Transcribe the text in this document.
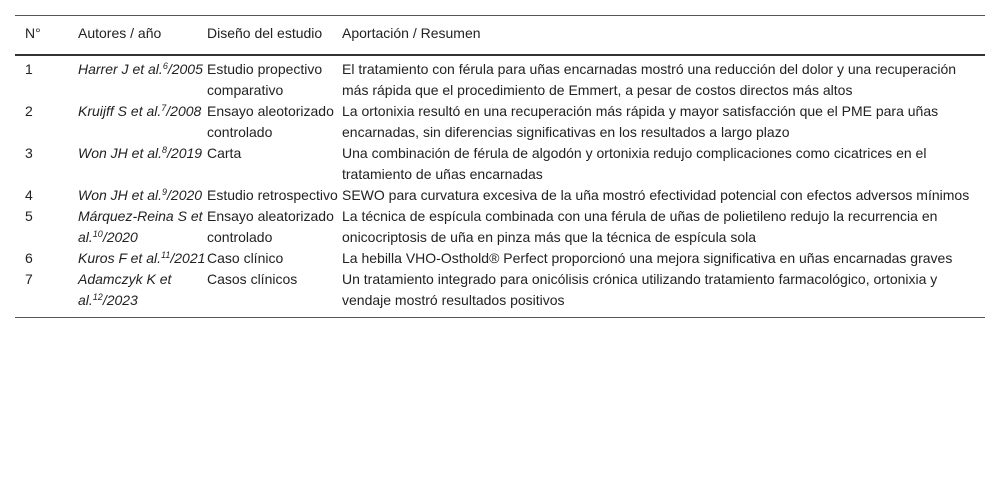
N°	Autores / año	Diseño del estudio	Aportación / Resumen
1	Harrer J et al.$^6$/2005	Estudio propectivo comparativo	El tratamiento con férula para uñas encarnadas mostró una reducción del dolor y una recuperación más rápida que el procedimiento de Emmert, a pesar de costos directos más altos
2	Kruijff S et al.$^7$/2008	Ensayo aleotorizado controlado	La ortonixia resultó en una recuperación más rápida y mayor satisfacción que el PME para uñas encarnadas, sin diferencias significativas en los resultados a largo plazo
3	Won JH et al.$^8$/2019	Carta	Una combinación de férula de algodón y ortonixia redujo complicaciones como cicatrices en el tratamiento de uñas encarnadas
4	Won JH et al.$^9$/2020	Estudio retrospectivo	SEWO para curvatura excesiva de la uña mostró efectividad potencial con efectos adversos mínimos
5	Márquez-Reina S et al.$^{10}$/2020	Ensayo aleatorizado controlado	La técnica de espícula combinada con una férula de uñas de polietileno redujo la recurrencia en onicocriptosis de uña en pinza más que la técnica de espícula sola
6	Kuros F et al.$^{11}$/2021	Caso clínico	La hebilla VHO-Osthold® Perfect proporcionó una mejora significativa en uñas encarnadas graves
7	Adamczyk K et al.$^{12}$/2023	Casos clínicos	Un tratamiento integrado para onicólisis crónica utilizando tratamiento farmacológico, ortonixia y vendaje mostró resultados positivos
